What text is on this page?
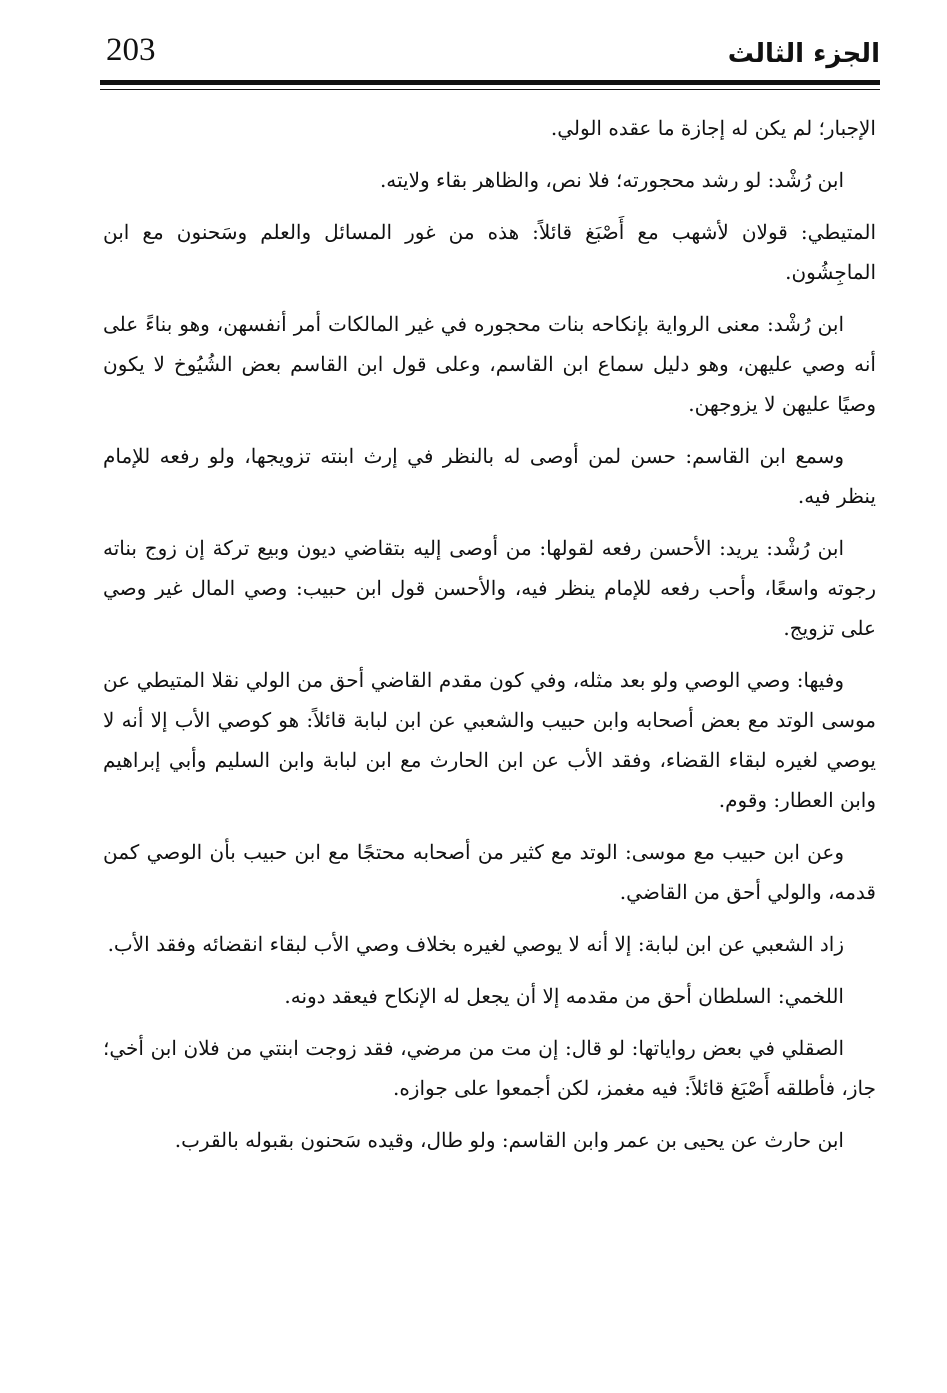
203	الجزء الثالث

الإجبار؛ لم يكن له إجازة ما عقده الولي.

ابن رُشْد: لو رشد محجورته؛ فلا نص، والظاهر بقاء ولايته.

المتيطي: قولان لأشهب مع أَصْبَغ قائلاً: هذه من غور المسائل والعلم وسَحنون مع ابن الماجِشُون.

ابن رُشْد: معنى الرواية بإنكاحه بنات محجوره في غير المالكات أمر أنفسهن، وهو بناءً على أنه وصي عليهن، وهو دليل سماع ابن القاسم، وعلى قول ابن القاسم بعض الشُيُوخ لا يكون وصيًا عليهن لا يزوجهن.

وسمع ابن القاسم: حسن لمن أوصى له بالنظر في إرث ابنته تزويجها، ولو رفعه للإمام ينظر فيه.

ابن رُشْد: يريد: الأحسن رفعه لقولها: من أوصى إليه بتقاضي ديون وبيع تركة إن زوج بناته رجوته واسعًا، وأحب رفعه للإمام ينظر فيه، والأحسن قول ابن حبيب: وصي المال غير وصي على تزويج.

وفيها: وصي الوصي ولو بعد مثله، وفي كون مقدم القاضي أحق من الولي نقلا المتيطي عن موسى الوتد مع بعض أصحابه وابن حبيب والشعبي عن ابن لبابة قائلاً: هو كوصي الأب إلا أنه لا يوصي لغيره لبقاء القضاء، وفقد الأب عن ابن الحارث مع ابن لبابة وابن السليم وأبي إبراهيم وابن العطار: وقوم.

وعن ابن حبيب مع موسى: الوتد مع كثير من أصحابه محتجًا مع ابن حبيب بأن الوصي كمن قدمه، والولي أحق من القاضي.

زاد الشعبي عن ابن لبابة: إلا أنه لا يوصي لغيره بخلاف وصي الأب لبقاء انقضائه وفقد الأب.

اللخمي: السلطان أحق من مقدمه إلا أن يجعل له الإنكاح فيعقد دونه.

الصقلي في بعض رواياتها: لو قال: إن مت من مرضي، فقد زوجت ابنتي من فلان ابن أخي؛ جاز، فأطلقه أَصْبَغ قائلاً: فيه مغمز، لكن أجمعوا على جوازه.

ابن حارث عن يحيى بن عمر وابن القاسم: ولو طال، وقيده سَحنون بقبوله بالقرب.
